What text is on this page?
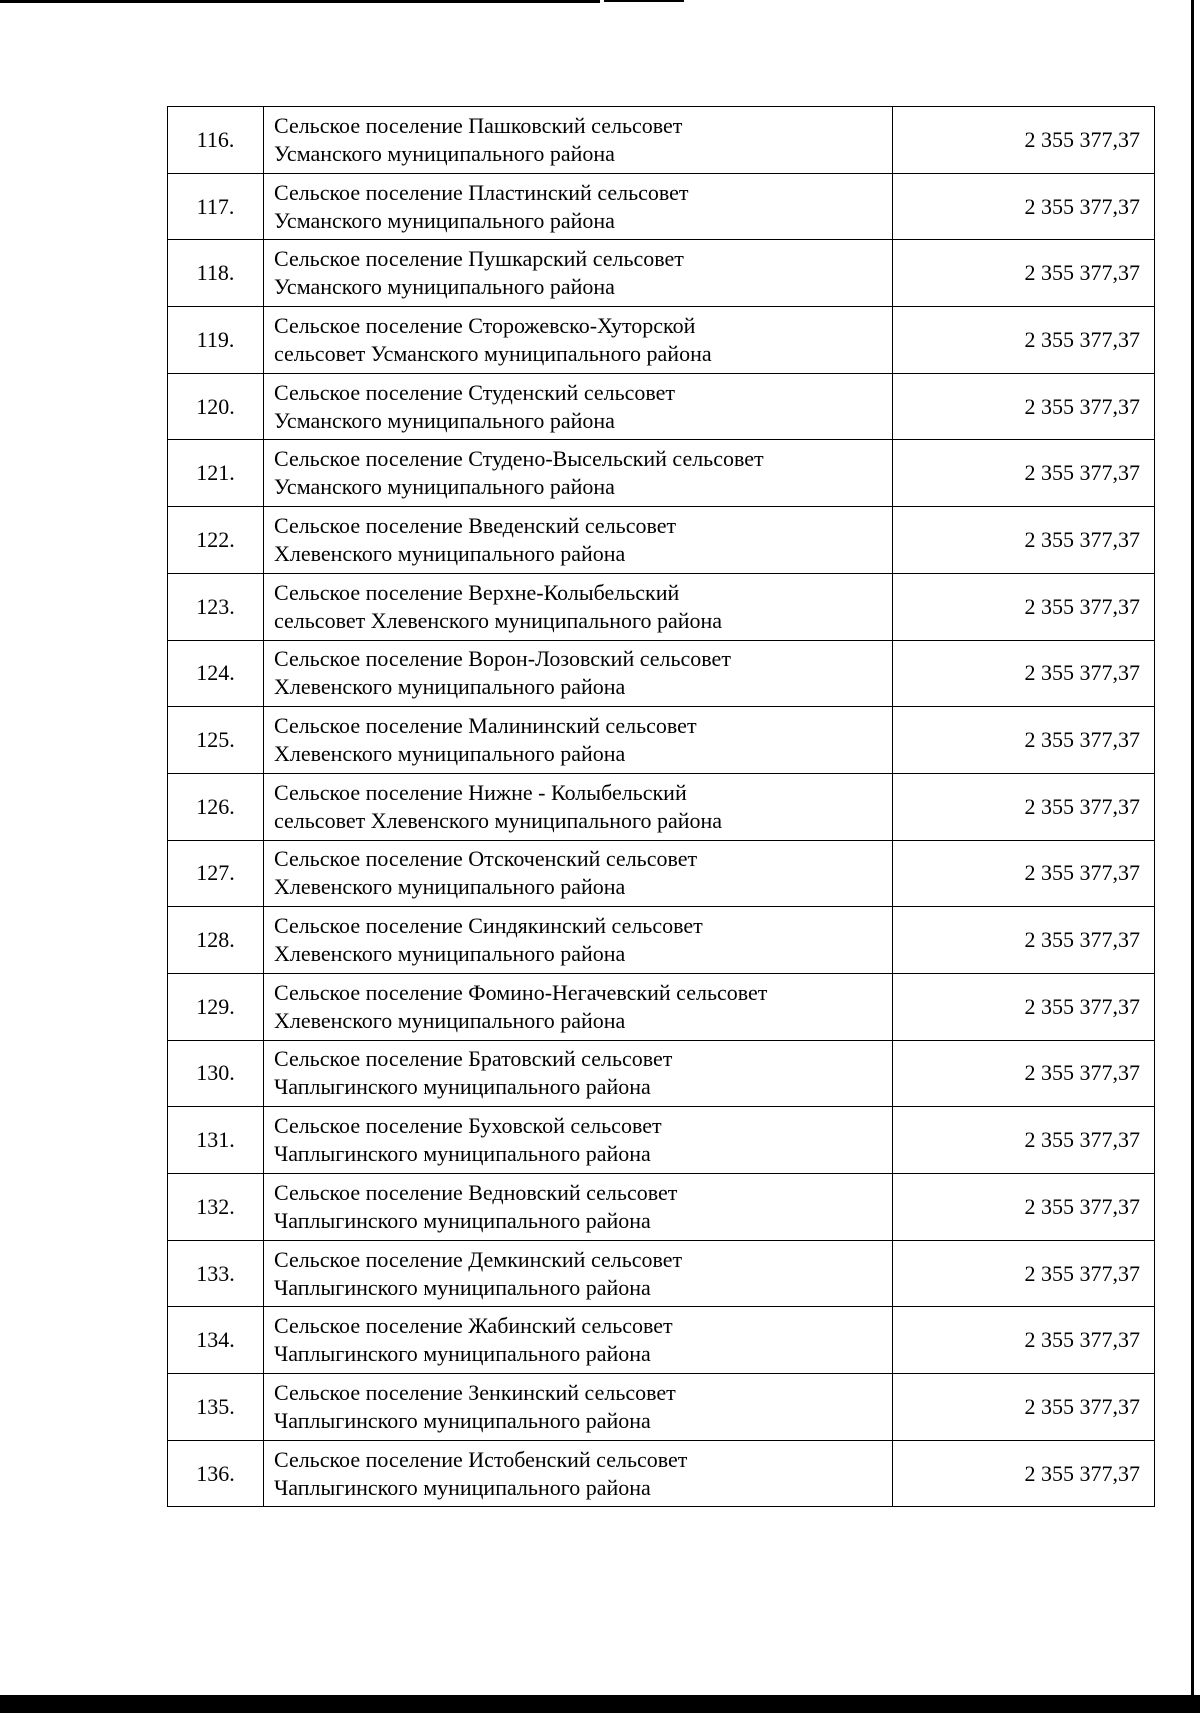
116.	Сельское поселение Пашковский сельсовет
Усманского муниципального района	2 355 377,37
117.	Сельское поселение Пластинский сельсовет
Усманского муниципального района	2 355 377,37
118.	Сельское поселение Пушкарский сельсовет
Усманского муниципального района	2 355 377,37
119.	Сельское поселение Сторожевско-Хуторской
сельсовет Усманского муниципального района	2 355 377,37
120.	Сельское поселение Студенский сельсовет
Усманского муниципального района	2 355 377,37
121.	Сельское поселение Студено-Высельский сельсовет
Усманского муниципального района	2 355 377,37
122.	Сельское поселение Введенский сельсовет
Хлевенского муниципального района	2 355 377,37
123.	Сельское поселение Верхне-Колыбельский
сельсовет Хлевенского муниципального района	2 355 377,37
124.	Сельское поселение Ворон-Лозовский сельсовет
Хлевенского муниципального района	2 355 377,37
125.	Сельское поселение Малининский сельсовет
Хлевенского муниципального района	2 355 377,37
126.	Сельское поселение Нижне - Колыбельский
сельсовет Хлевенского муниципального района	2 355 377,37
127.	Сельское поселение Отскоченский сельсовет
Хлевенского муниципального района	2 355 377,37
128.	Сельское поселение Синдякинский сельсовет
Хлевенского муниципального района	2 355 377,37
129.	Сельское поселение Фомино-Негачевский сельсовет
Хлевенского муниципального района	2 355 377,37
130.	Сельское поселение Братовский сельсовет
Чаплыгинского муниципального района	2 355 377,37
131.	Сельское поселение Буховской сельсовет
Чаплыгинского муниципального района	2 355 377,37
132.	Сельское поселение Ведновский сельсовет
Чаплыгинского муниципального района	2 355 377,37
133.	Сельское поселение Демкинский сельсовет
Чаплыгинского муниципального района	2 355 377,37
134.	Сельское поселение Жабинский сельсовет
Чаплыгинского муниципального района	2 355 377,37
135.	Сельское поселение Зенкинский сельсовет
Чаплыгинского муниципального района	2 355 377,37
136.	Сельское поселение Истобенский сельсовет
Чаплыгинского муниципального района	2 355 377,37
